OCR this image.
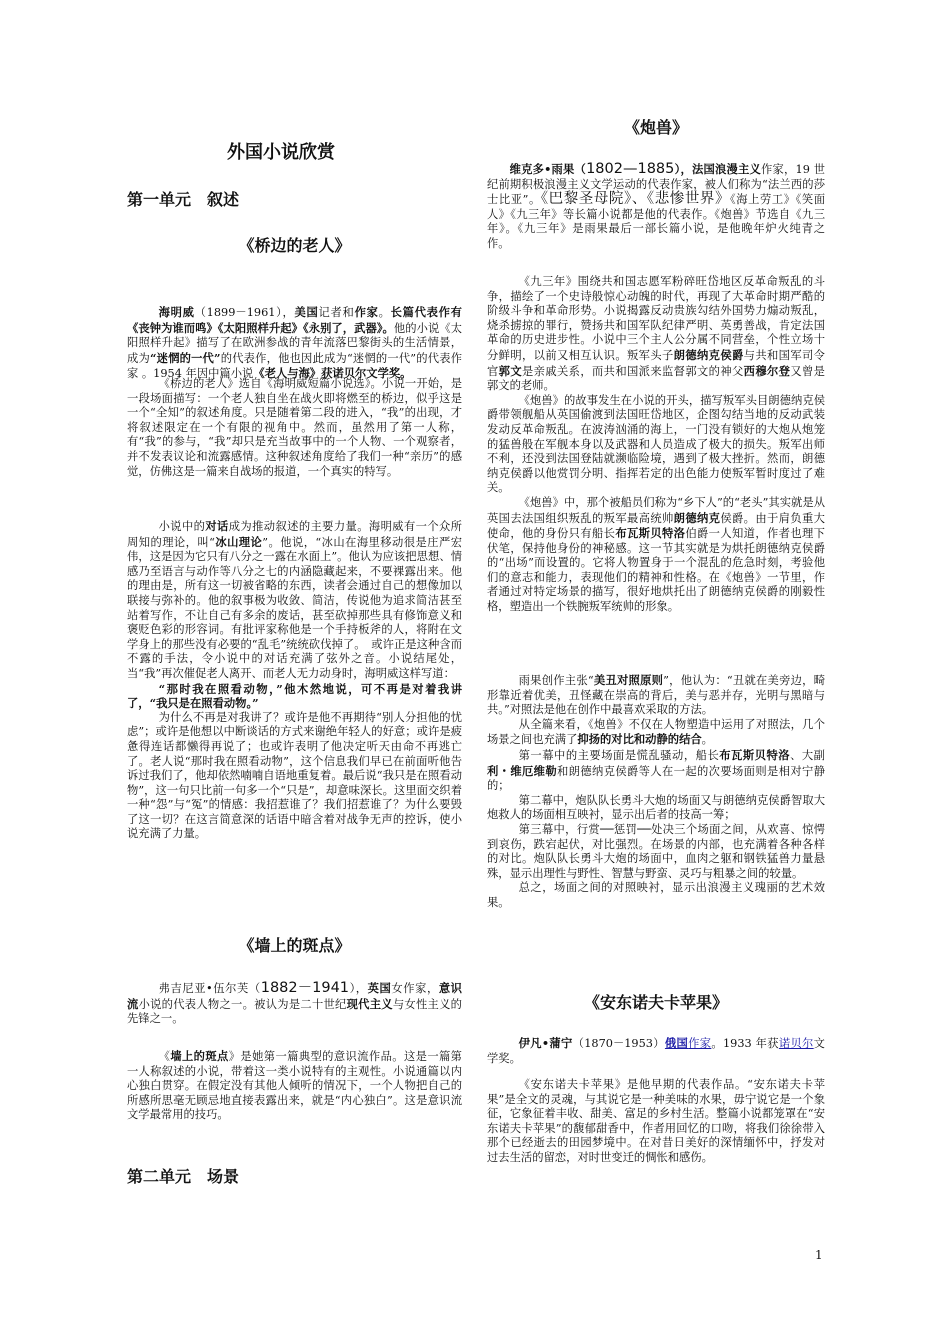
外国小说欣赏
第一单元　叙述
《桥边的老人》

海明威（1899－1961），美国记者和作家。长篇代表作有《丧钟为谁而鸣》《太阳照样升起》《永别了，武器》。他的小说《太阳照样升起》描写了在欧洲参战的青年流落巴黎街头的生活情景，成为“迷惘的一代”的代表作，他也因此成为“迷惘的一代”的代表作家 。1954 年因中篇小说《老人与海》获诺贝尔文学奖。

《桥边的老人》选自《海明威短篇小说选》。小说一开始，是一段场面描写：一个老人独自坐在战火即将燃至的桥边，似乎这是一个“全知”的叙述角度。只是随着第二段的进入，“我”的出现，才将叙述限定在一个有限的视角中。然而，虽然用了第一人称，有“我”的参与，“我”却只是充当故事中的一个人物、一个观察者，并不发表议论和流露感情。这种叙述角度给了我们一种“亲历”的感觉，仿佛这是一篇来自战场的报道，一个真实的特写。

小说中的对话成为推动叙述的主要力量。海明威有一个众所周知的理论，叫“冰山理论”。他说，“冰山在海里移动很是庄严宏伟，这是因为它只有八分之一露在水面上”。他认为应该把思想、情感乃至语言与动作等八分之七的内涵隐藏起来，不要裸露出来。他的理由是，所有这一切被省略的东西，读者会通过自己的想像加以联接与弥补的。他的叙事极为收敛、简洁，传说他为追求简洁甚至站着写作，不让自己有多余的废话，甚至砍掉那些具有修饰意义和褒贬色彩的形容词。有批评家称他是一个手持板斧的人，将附在文学身上的那些没有必要的“乱毛”统统砍伐掉了。　或许正是这种含而不露的手法，令小说中的对话充满了弦外之音。小说结尾处，当“我”再次催促老人离开、而老人无力动身时，海明威这样写道：

“那时我在照看动物，”他木然地说，可不再是对着我讲了，“我只是在照看动物。”

为什么不再是对我讲了？或许是他不再期待“别人分担他的忧虑”；或许是他想以中断谈话的方式来谢绝年轻人的好意；或许是疲惫得连话都懒得再说了；也或许表明了他决定听天由命不再逃亡了。老人说“那时我在照看动物”，这个信息我们早已在前面听他告诉过我们了，他却依然喃喃自语地重复着。最后说“我只是在照看动物”，这一句只比前一句多一个“只是”，却意味深长。这里面交织着一种“怨”与“冤”的情感：我招惹谁了？我们招惹谁了？为什么要毁了这一切？在这言简意深的话语中暗含着对战争无声的控诉，使小说充满了力量。

《墙上的斑点》

弗吉尼亚•伍尔芙（1882－1941），英国女作家，意识流小说的代表人物之一。被认为是二十世纪现代主义与女性主义的先锋之一。

《墙上的斑点》是她第一篇典型的意识流作品。这是一篇第一人称叙述的小说，带着这一类小说特有的主观性。小说通篇以内心独白贯穿。在假定没有其他人倾听的情况下，一个人物把自己的所感所思毫无顾忌地直接表露出来，就是“内心独白”。这是意识流文学最常用的技巧。

第二单元　场景
《炮兽》

维克多•雨果（1802—1885），法国浪漫主义作家，19 世纪前期积极浪漫主义文学运动的代表作家，被人们称为“法兰西的莎士比亚”。《巴黎圣母院》、《悲惨世界》《海上劳工》《笑面人》《九三年》等长篇小说都是他的代表作。《炮兽》节选自《九三年》。《九三年》是雨果最后一部长篇小说，是他晚年炉火纯青之作。

《九三年》围绕共和国志愿军粉碎旺岱地区反革命叛乱的斗争，描绘了一个史诗般惊心动魄的时代，再现了大革命时期严酷的阶级斗争和革命形势。小说揭露反动贵族勾结外国势力煽动叛乱，烧杀掳掠的罪行，赞扬共和国军队纪律严明、英勇善战，肯定法国革命的历史进步性。小说中三个主人公分属不同营垒，个性立场十分鲜明，以前又相互认识。叛军头子朗德纳克侯爵与共和国军司令官郭文是亲戚关系，而共和国派来监督郭文的神父西穆尔登又曾是郭文的老师。

《炮兽》的故事发生在小说的开头，描写叛军头目朗德纳克侯爵带领舰船从英国偷渡到法国旺岱地区，企图勾结当地的反动武装发动反革命叛乱。在波涛汹涌的海上，一门没有锁好的大炮从炮笼的猛兽般在军舰本身以及武器和人员造成了极大的损失。叛军出师不利，还没到法国登陆就濒临险境，遇到了极大挫折。然而，朗德纳克侯爵以他赏罚分明、指挥若定的出色能力使叛军暂时度过了难关。

《炮兽》中，那个被船员们称为“乡下人”的“老头”其实就是从英国去法国组织叛乱的叛军最高统帅朗德纳克侯爵。由于肩负重大使命，他的身份只有船长布瓦斯贝特洛伯爵一人知道，作者也理下伏笔，保持他身份的神秘感。这一节其实就是为烘托朗德纳克侯爵的“出场”而设置的。它将人物置身于一个混乱的危急时刻，考验他们的意志和能力，表现他们的精神和性格。在《炮兽》一节里，作者通过对特定场景的描写，很好地烘托出了朗德纳克侯爵的刚毅性格，塑造出一个铁腕叛军统帅的形象。

雨果创作主张“美丑对照原则”，他认为：“丑就在美旁边，畸形靠近着优美，丑怪藏在崇高的背后，美与恶并存，光明与黑暗与共。”对照法是他在创作中最喜欢采取的方法。

从全篇来看，《炮兽》不仅在人物塑造中运用了对照法，几个场景之间也充满了抑扬的对比和动静的结合。

第一幕中的主要场面是慌乱骚动，船长布瓦斯贝特洛、大副利・维厄维勒和朗德纳克侯爵等人在一起的次要场面则是相对宁静的；

第二幕中，炮队队长勇斗大炮的场面又与朗德纳克侯爵智取大炮救人的场面相互映衬，显示出后者的技高一筹；

第三幕中，行赏──惩罚──处决三个场面之间，从欢喜、惊愕到哀伤，跌宕起伏，对比强烈。在场景的内部，也充满着各种各样的对比。炮队队长勇斗大炮的场面中，血肉之躯和钢铁猛兽力量悬殊，显示出理性与野性、智慧与野蛮、灵巧与粗暴之间的较量。

总之，场面之间的对照映衬，显示出浪漫主义瑰丽的艺术效果。

《安东诺夫卡苹果》

伊凡•蒲宁（1870－1953）俄国作家。1933 年获诺贝尔文学奖。

《安东诺夫卡苹果》是他早期的代表作品。“安东诺夫卡苹果”是全文的灵魂，与其说它是一种美味的水果，毋宁说它是一个象征，它象征着丰收、甜美、富足的乡村生活。整篇小说都笼罩在“安东诺夫卡苹果”的馥郁甜香中，作者用回忆的口吻，将我们徐徐带入那个已经逝去的田园梦境中。在对昔日美好的深情缅怀中，抒发对过去生活的留恋，对时世变迁的惆怅和感伤。

1
